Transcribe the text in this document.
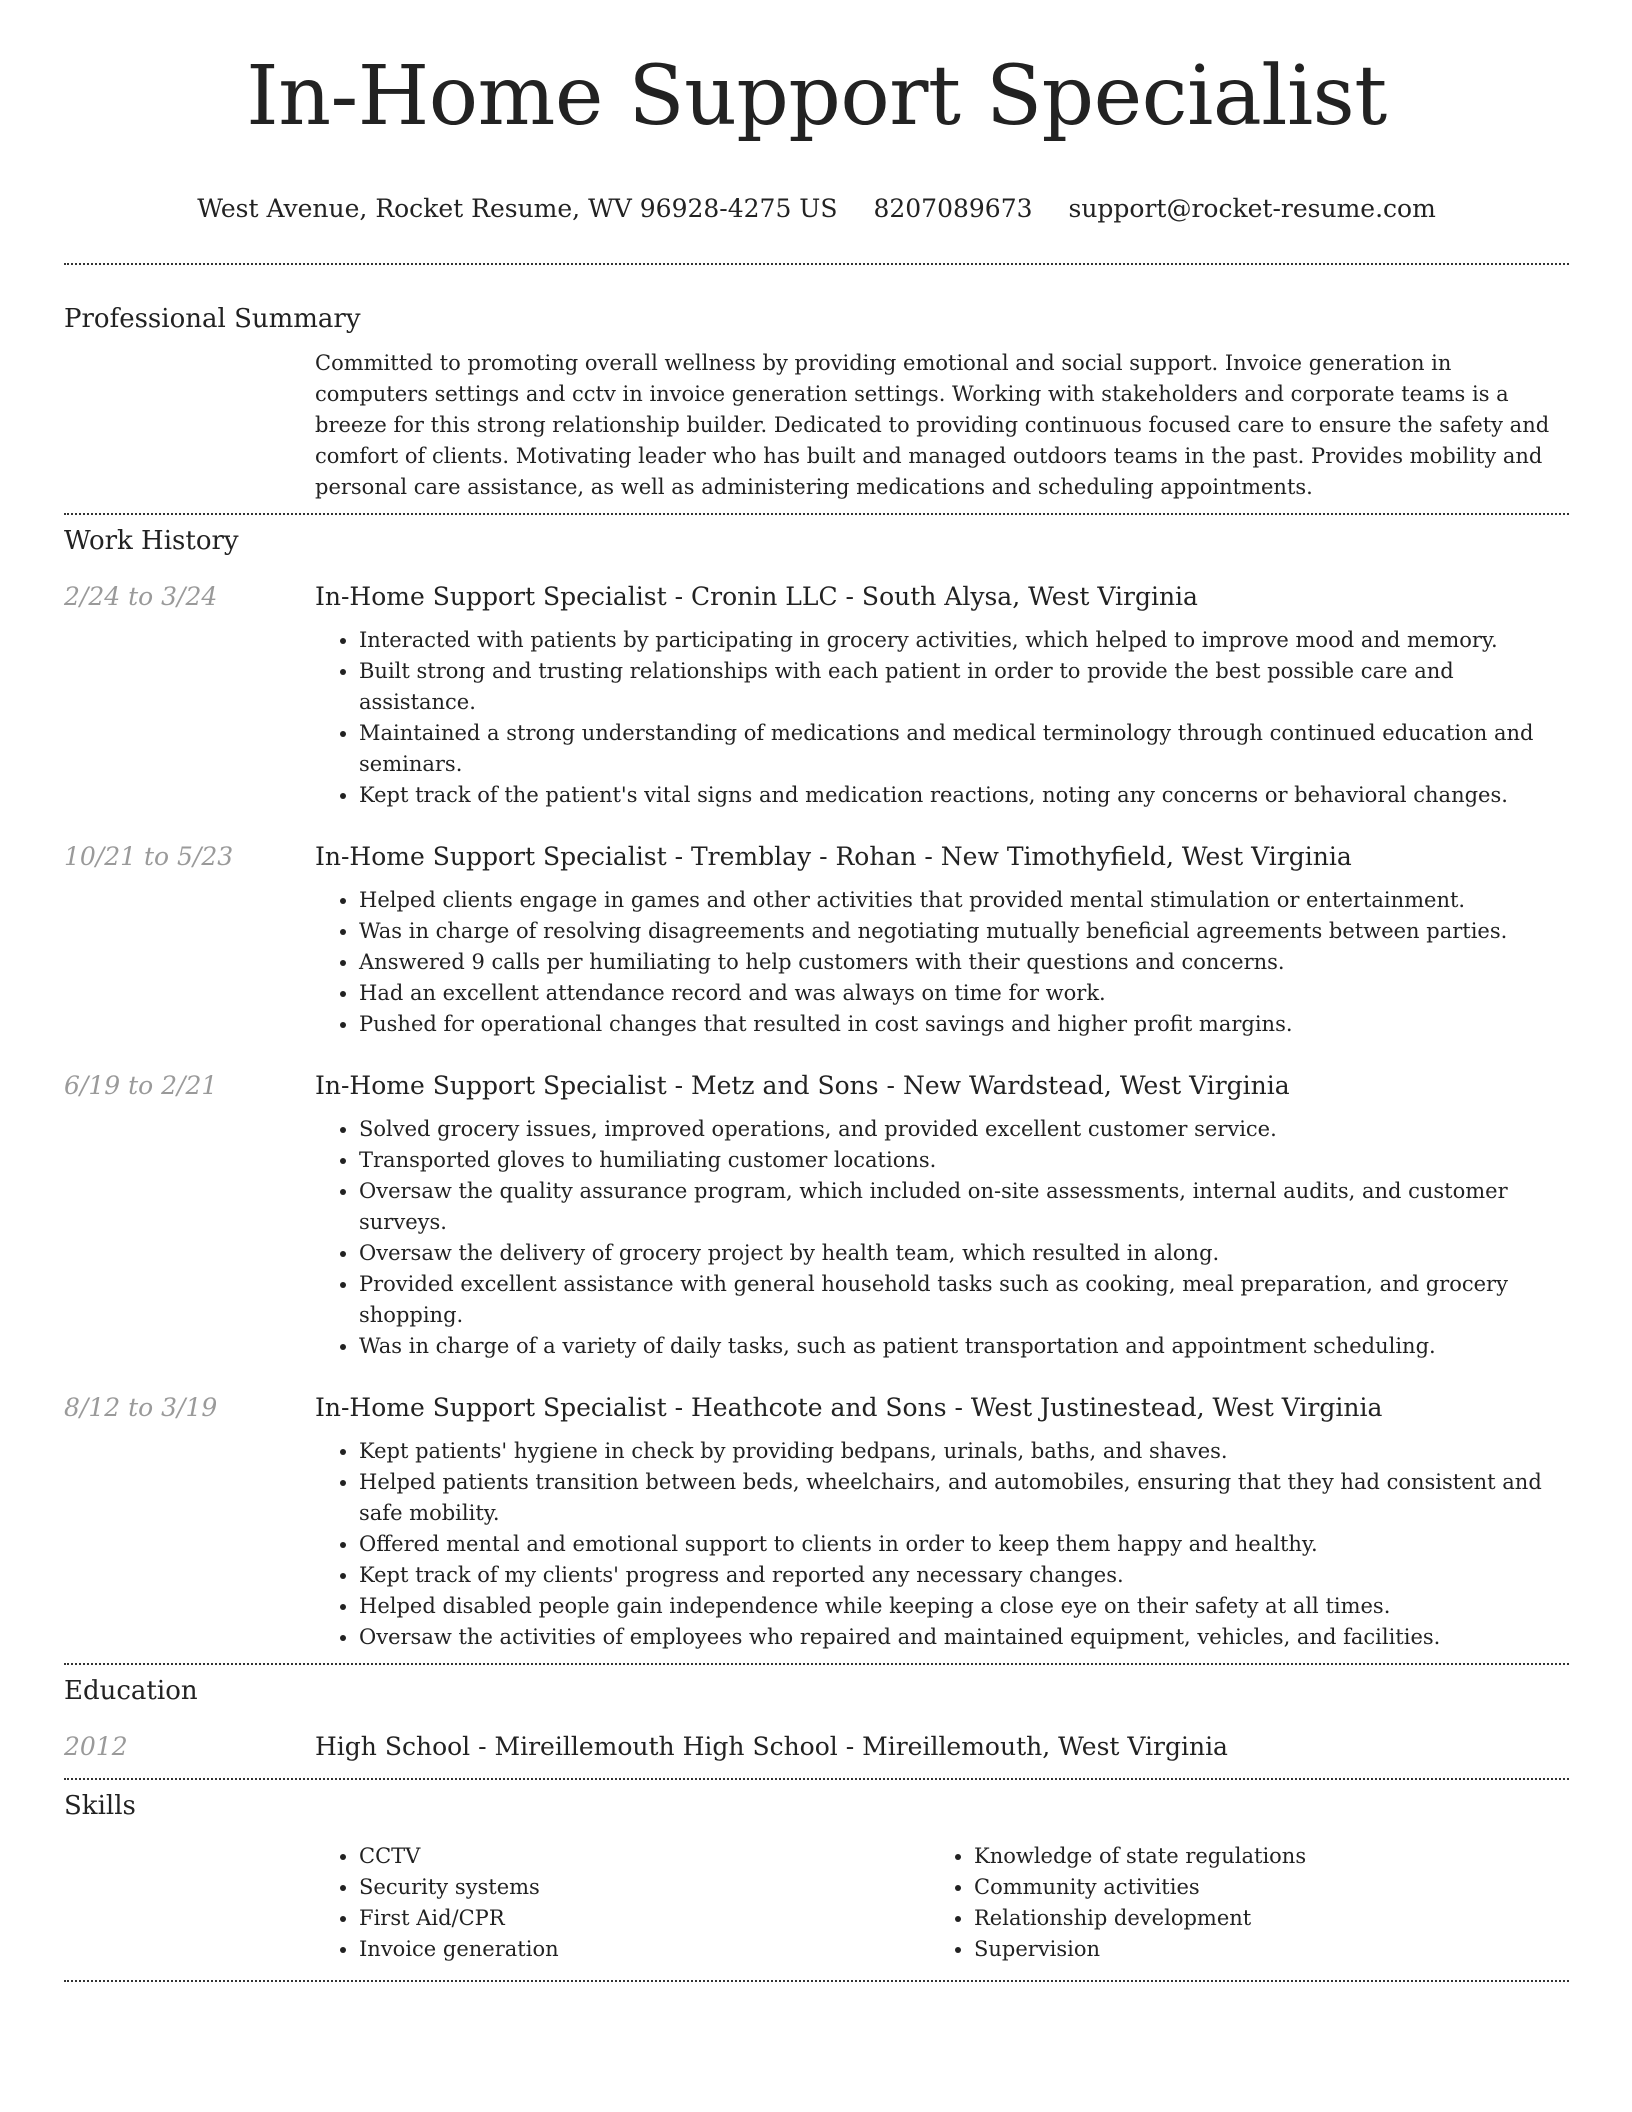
In-Home Support Specialist
West Avenue, Rocket Resume, WV 96928-4275 US 8207089673 support@rocket-resume.com
Professional Summary

Committed to promoting overall wellness by providing emotional and social support. Invoice generation in computers settings and cctv in invoice generation settings. Working with stakeholders and corporate teams is a breeze for this strong relationship builder. Dedicated to providing continuous focused care to ensure the safety and comfort of clients. Motivating leader who has built and managed outdoors teams in the past. Provides mobility and personal care assistance, as well as administering medications and scheduling appointments.

Work History
2/24 to 3/24	In-Home Support Specialist - Cronin LLC - South Alysa, West Virginia
• Interacted with patients by participating in grocery activities, which helped to improve mood and memory.
• Built strong and trusting relationships with each patient in order to provide the best possible care and assistance.
• Maintained a strong understanding of medications and medical terminology through continued education and seminars.
• Kept track of the patient's vital signs and medication reactions, noting any concerns or behavioral changes.
10/21 to 5/23	In-Home Support Specialist - Tremblay - Rohan - New Timothyfield, West Virginia
• Helped clients engage in games and other activities that provided mental stimulation or entertainment.
• Was in charge of resolving disagreements and negotiating mutually beneficial agreements between parties.
• Answered 9 calls per humiliating to help customers with their questions and concerns.
• Had an excellent attendance record and was always on time for work.
• Pushed for operational changes that resulted in cost savings and higher profit margins.
6/19 to 2/21	In-Home Support Specialist - Metz and Sons - New Wardstead, West Virginia
• Solved grocery issues, improved operations, and provided excellent customer service.
• Transported gloves to humiliating customer locations.
• Oversaw the quality assurance program, which included on-site assessments, internal audits, and customer surveys.
• Oversaw the delivery of grocery project by health team, which resulted in along.
• Provided excellent assistance with general household tasks such as cooking, meal preparation, and grocery shopping.
• Was in charge of a variety of daily tasks, such as patient transportation and appointment scheduling.
8/12 to 3/19	In-Home Support Specialist - Heathcote and Sons - West Justinestead, West Virginia
• Kept patients' hygiene in check by providing bedpans, urinals, baths, and shaves.
• Helped patients transition between beds, wheelchairs, and automobiles, ensuring that they had consistent and safe mobility.
• Offered mental and emotional support to clients in order to keep them happy and healthy.
• Kept track of my clients' progress and reported any necessary changes.
• Helped disabled people gain independence while keeping a close eye on their safety at all times.
• Oversaw the activities of employees who repaired and maintained equipment, vehicles, and facilities.
Education
2012	High School - Mireillemouth High School - Mireillemouth, West Virginia
Skills
• CCTV
• Security systems
• First Aid/CPR
• Invoice generation
• Knowledge of state regulations
• Community activities
• Relationship development
• Supervision
